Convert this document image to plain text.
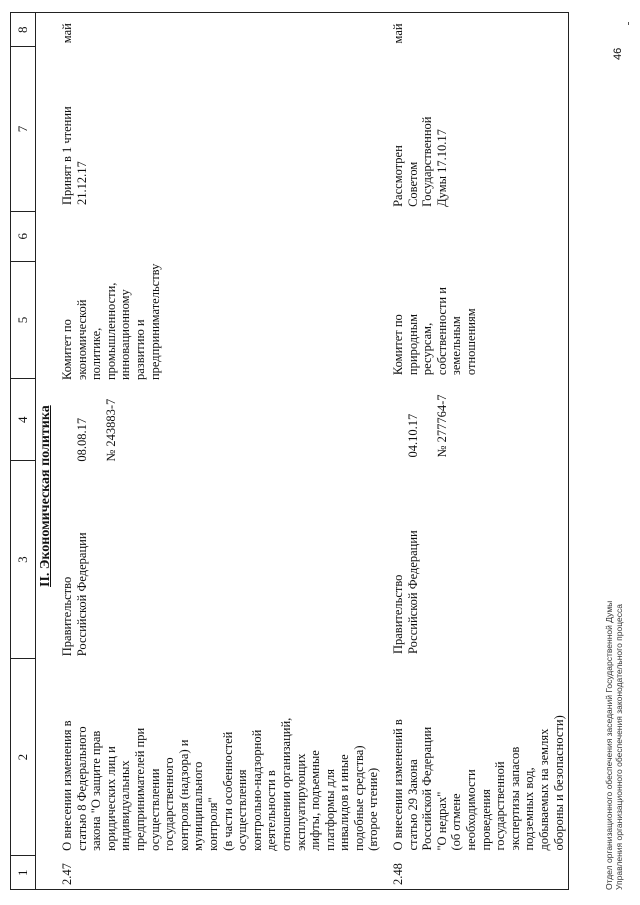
1
2
3
4
5
6
7
8
II. Экономическая политика
2.47
О внесении изменения в
статью 8 Федерального
закона "О защите прав
юридических лиц и
индивидуальных
предпринимателей при
осуществлении
государственного
контроля (надзора) и
муниципального
контроля"
(в части особенностей
осуществления
контрольно-надзорной
деятельности в
отношении организаций,
эксплуатирующих
лифты, подъемные
платформы для
инвалидов и иные
подобные средства)
(второе чтение)
Правительство
Российской Федерации

08.08.17 № 243883-7

Комитет по
экономической
политике,
промышленности,
инновационному
развитию и
предпринимательству
Принят в 1 чтении
21.12.17
май
2.48
О внесении изменений в
статью 29 Закона
Российской Федерации
"О недрах"
(об отмене
необходимости
проведения
государственной
экспертизы запасов
подземных вод,
добываемых на землях
обороны и безопасности)
Правительство
Российской Федерации

04.10.17 № 277764-7

Комитет по
природным ресурсам,
собственности и
земельным
отношениям
Рассмотрен
Советом
Государственной
Думы 17.10.17
май
Отдел организационного обеспечения заседаний Государственной Думы Управления организационного обеспечения законодательного процесса
46
